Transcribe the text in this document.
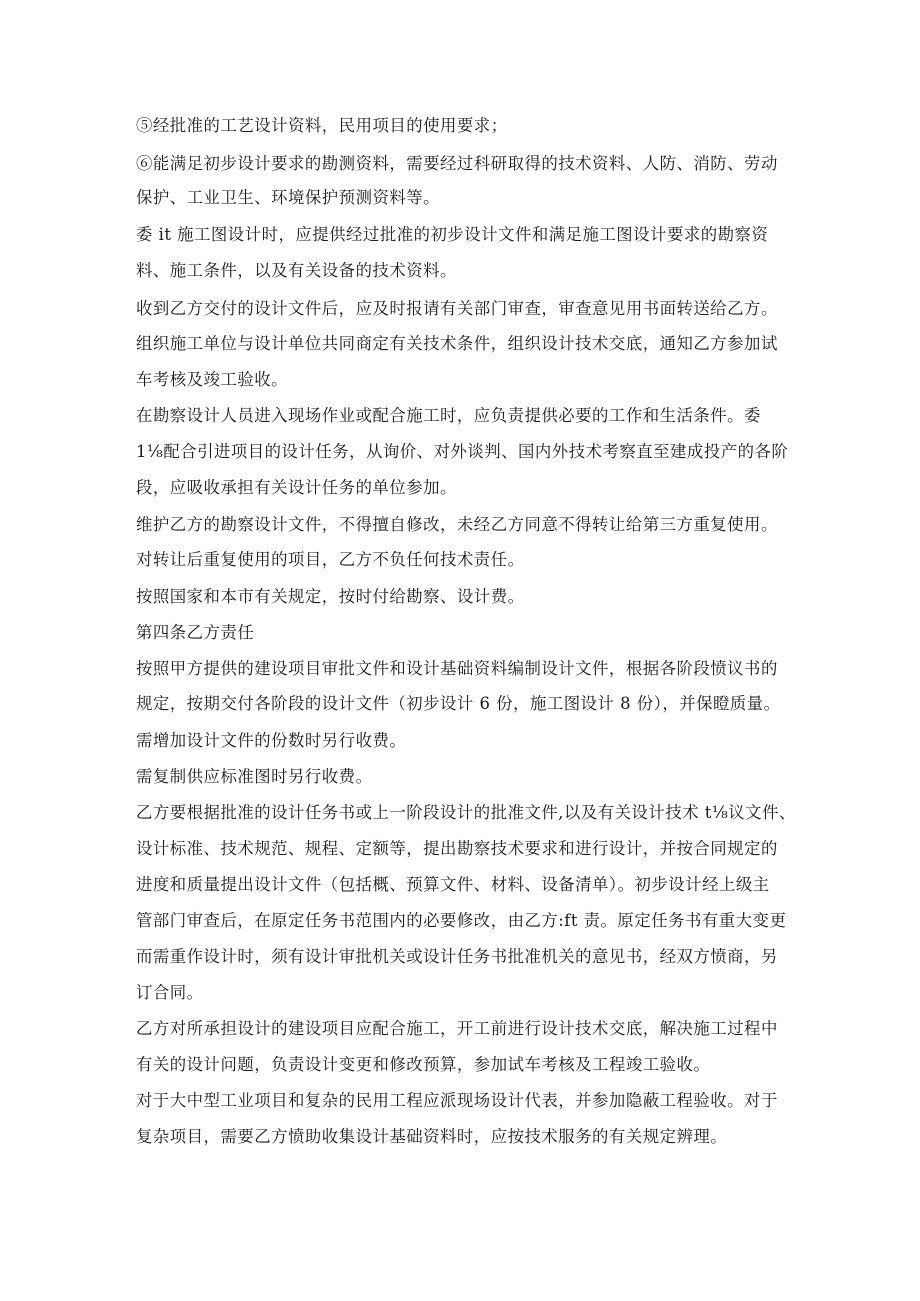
⑤经批准的工艺设计资料，民用项目的使用要求；
⑥能满足初步设计要求的勘测资料，需要经过科研取得的技术资料、人防、消防、劳动
保护、工业卫生、环境保护预测资料等。
委 it 施工图设计时，应提供经过批准的初步设计文件和满足施工图设计要求的勘察资
料、施工条件，以及有关设备的技术资料。
收到乙方交付的设计文件后，应及时报请有关部门审查，审查意见用书面转送给乙方。
组织施工单位与设计单位共同商定有关技术条件，组织设计技术交底，通知乙方参加试
车考核及竣工验收。
在勘察设计人员进入现场作业或配合施工时，应负责提供必要的工作和生活条件。委
1⅛配合引进项目的设计任务，从询价、对外谈判、国内外技术考察直至建成投产的各阶
段，应吸收承担有关设计任务的单位参加。
维护乙方的勘察设计文件，不得擅自修改，未经乙方同意不得转让给第三方重复使用。
对转让后重复使用的项目，乙方不负任何技术责任。
按照国家和本市有关规定，按时付给勘察、设计费。
第四条乙方责任
按照甲方提供的建设项目审批文件和设计基础资料编制设计文件，根据各阶段愤议书的
规定，按期交付各阶段的设计文件（初步设计 6 份，施工图设计 8 份），并保瞪质量。
需增加设计文件的份数时另行收费。
需复制供应标准图时另行收费。
乙方要根据批准的设计任务书或上一阶段设计的批准文件,以及有关设计技术 t⅛议文件、
设计标准、技术规范、规程、定额等，提出勘察技术要求和进行设计，并按合同规定的
进度和质量提出设计文件（包括概、预算文件、材料、设备清单）。初步设计经上级主
管部门审查后，在原定任务书范围内的必要修改，由乙方:ft 责。原定任务书有重大变更
而需重作设计时，须有设计审批机关或设计任务书批准机关的意见书，经双方愤商，另
订合同。
乙方对所承担设计的建设项目应配合施工，开工前进行设计技术交底，解决施工过程中
有关的设计问题，负责设计变更和修改预算，参加试车考核及工程竣工验收。
对于大中型工业项目和复杂的民用工程应派现场设计代表，并参加隐蔽工程验收。对于
复杂项目，需要乙方愤助收集设计基础资料时，应按技术服务的有关规定辨理。
